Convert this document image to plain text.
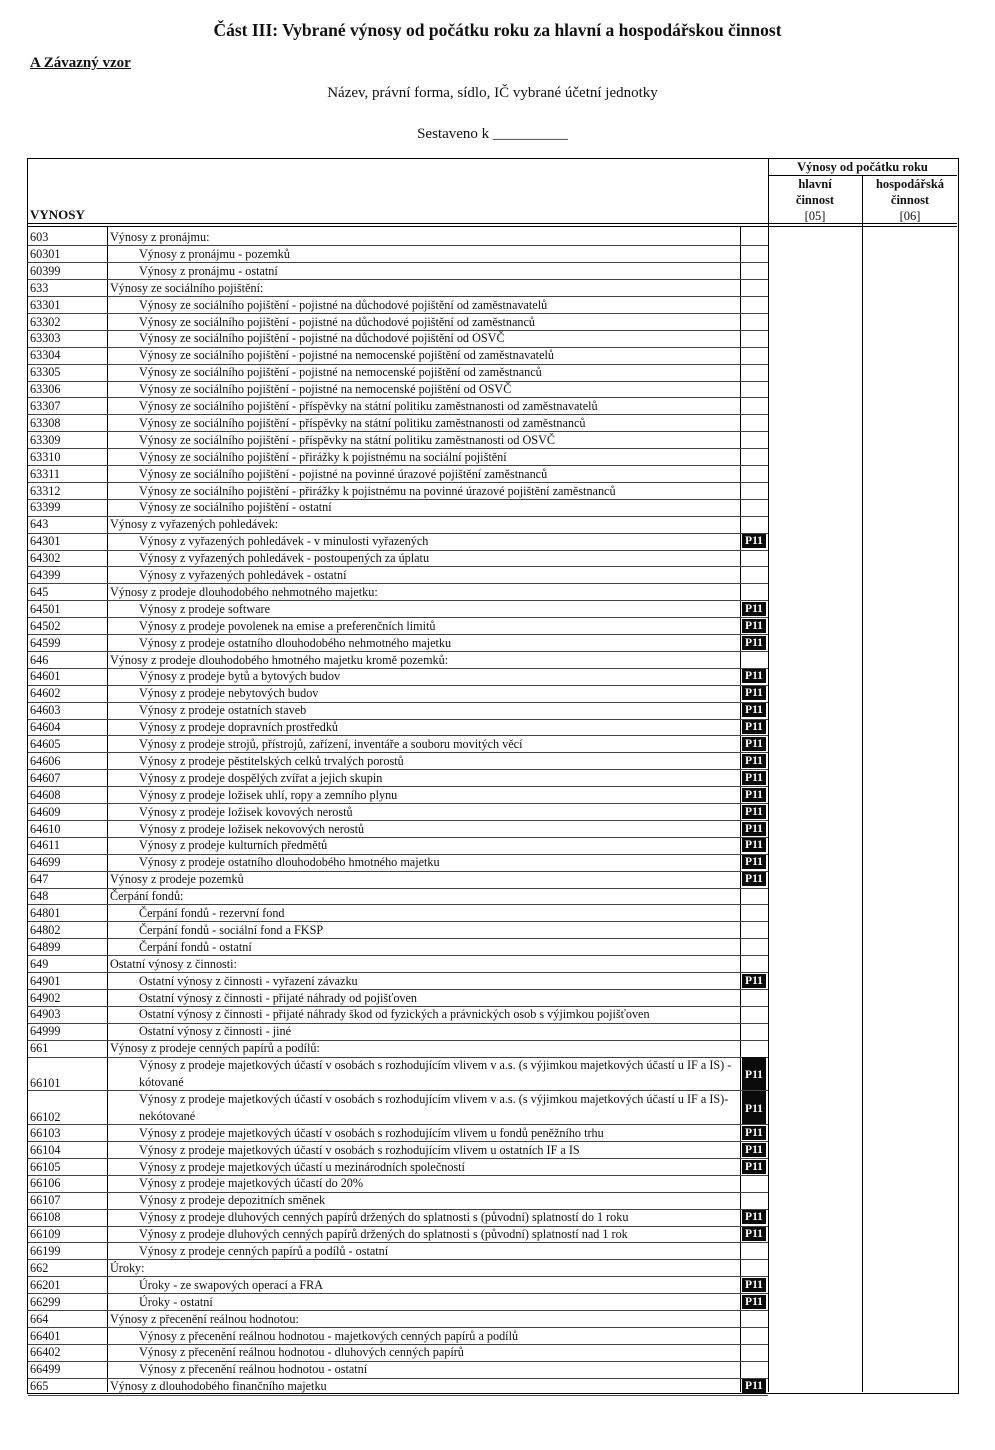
Část III: Vybrané výnosy od počátku roku za hlavní a hospodářskou činnost
A Závazný vzor
Název, právní forma, sídlo, IČ vybrané účetní jednotky
Sestaveno k __________
Výnosy od počátku roku
hlavní
činnost
[05]
hospodářská
činnost
[06]
VYNOSY
603	Výnosy z pronájmu:
60301	Výnosy z pronájmu - pozemků
60399	Výnosy z pronájmu - ostatní
633	Výnosy ze sociálního pojištění:
63301	Výnosy ze sociálního pojištění - pojistné na důchodové pojištění od zaměstnavatelů
63302	Výnosy ze sociálního pojištění - pojistné na důchodové pojištění od zaměstnanců
63303	Výnosy ze sociálního pojištění - pojistné na důchodové pojištění od OSVČ
63304	Výnosy ze sociálního pojištění - pojistné na nemocenské pojištění od zaměstnavatelů
63305	Výnosy ze sociálního pojištění - pojistné na nemocenské pojištění od zaměstnanců
63306	Výnosy ze sociálního pojištění - pojistné na nemocenské pojištění od OSVČ
63307	Výnosy ze sociálního pojištění - příspěvky na státní politiku zaměstnanosti od zaměstnavatelů
63308	Výnosy ze sociálního pojištění - příspěvky na státní politiku zaměstnanosti od zaměstnanců
63309	Výnosy ze sociálního pojištění - příspěvky na státní politiku zaměstnanosti od OSVČ
63310	Výnosy ze sociálního pojištění - přirážky k pojistnému na sociální pojištění
63311	Výnosy ze sociálního pojištění - pojistné na povinné úrazové pojištění zaměstnanců
63312	Výnosy ze sociálního pojištění - přirážky k pojistnému na povinné úrazové pojištění zaměstnanců
63399	Výnosy ze sociálního pojištění - ostatní
643	Výnosy z vyřazených pohledávek:
64301	Výnosy z vyřazených pohledávek - v minulosti vyřazených	P11
64302	Výnosy z vyřazených pohledávek - postoupených za úplatu
64399	Výnosy z vyřazených pohledávek - ostatní
645	Výnosy z prodeje dlouhodobého nehmotného majetku:
64501	Výnosy z prodeje software	P11
64502	Výnosy z prodeje povolenek na emise a preferenčních limitů	P11
64599	Výnosy z prodeje ostatního dlouhodobého nehmotného majetku	P11
646	Výnosy z prodeje dlouhodobého hmotného majetku kromě pozemků:
64601	Výnosy z prodeje bytů a bytových budov	P11
64602	Výnosy z prodeje nebytových budov	P11
64603	Výnosy z prodeje ostatních staveb	P11
64604	Výnosy z prodeje dopravních prostředků	P11
64605	Výnosy z prodeje strojů, přístrojů, zařízení, inventáře a souboru movitých věcí	P11
64606	Výnosy z prodeje pěstitelských celků trvalých porostů	P11
64607	Výnosy z prodeje dospělých zvířat a jejich skupin	P11
64608	Výnosy z prodeje ložisek uhlí, ropy a zemního plynu	P11
64609	Výnosy z prodeje ložisek kovových nerostů	P11
64610	Výnosy z prodeje ložisek nekovových nerostů	P11
64611	Výnosy z prodeje kulturních předmětů	P11
64699	Výnosy z prodeje ostatního dlouhodobého hmotného majetku	P11
647	Výnosy z prodeje pozemků	P11
648	Čerpání fondů:
64801	Čerpání fondů - rezervní fond
64802	Čerpání fondů - sociální fond a FKSP
64899	Čerpání fondů - ostatní
649	Ostatní výnosy z činnosti:
64901	Ostatní výnosy z činnosti - vyřazení závazku	P11
64902	Ostatní výnosy z činnosti - přijaté náhrady od pojišťoven
64903	Ostatní výnosy z činnosti - přijaté náhrady škod od fyzických a právnických osob s výjimkou pojišťoven
64999	Ostatní výnosy z činnosti - jiné
661	Výnosy z prodeje cenných papírů a podílů:
66101
Výnosy z prodeje majetkových účastí v osobách s rozhodujícím vlivem v a.s. (s výjimkou majetkových účastí u IF a IS) - kótované	P11
66102
Výnosy z prodeje majetkových účastí v osobách s rozhodujícím vlivem v a.s. (s výjimkou majetkových účastí u IF a IS)- nekótované	P11
66103	Výnosy z prodeje majetkových účastí v osobách s rozhodujícím vlivem u fondů peněžního trhu	P11
66104	Výnosy z prodeje majetkových účastí v osobách s rozhodujícím vlivem u ostatních IF a IS	P11
66105	Výnosy z prodeje majetkových účastí u mezinárodních společností	P11
66106	Výnosy z prodeje majetkových účastí do 20%
66107	Výnosy z prodeje depozitních směnek
66108	Výnosy z prodeje dluhových cenných papírů držených do splatnosti s (původní) splatností do 1 roku	P11
66109	Výnosy z prodeje dluhových cenných papírů držených do splatnosti s (původní) splatností nad 1 rok	P11
66199	Výnosy z prodeje cenných papírů a podílů - ostatní
662	Úroky:
66201	Úroky - ze swapových operací a FRA	P11
66299	Úroky - ostatní	P11
664	Výnosy z přecenění reálnou hodnotou:
66401	Výnosy z přecenění reálnou hodnotou - majetkových cenných papírů a podílů
66402	Výnosy z přecenění reálnou hodnotou - dluhových cenných papírů
66499	Výnosy z přecenění reálnou hodnotou - ostatní
665	Výnosy z dlouhodobého finančního majetku	P11
